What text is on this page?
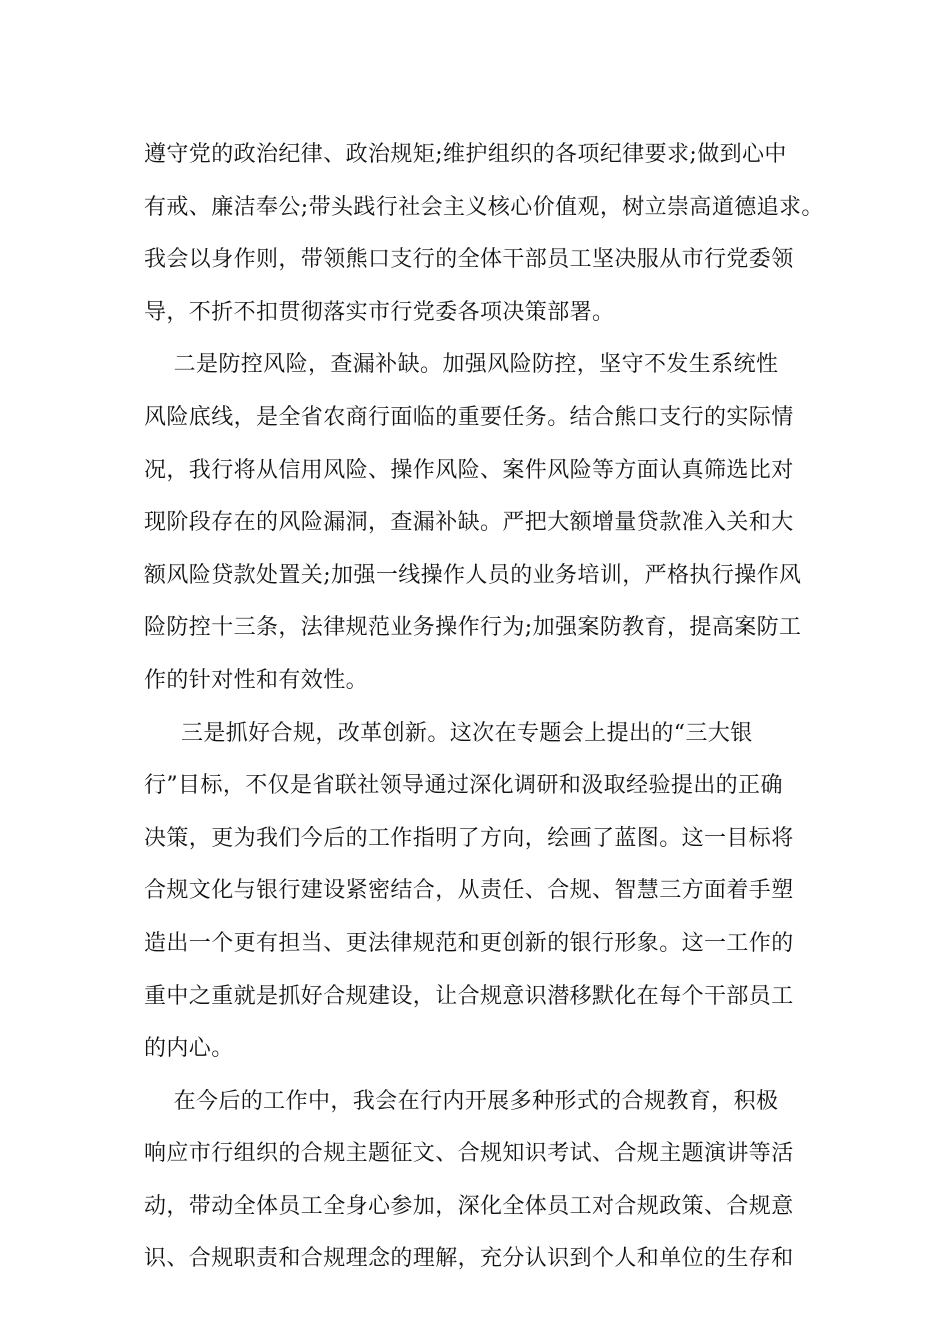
遵守党的政治纪律、政治规矩;维护组织的各项纪律要求;做到心中
有戒、廉洁奉公;带头践行社会主义核心价值观，树立崇高道德追求。
我会以身作则，带领熊口支行的全体干部员工坚决服从市行党委领
导，不折不扣贯彻落实市行党委各项决策部署。
二是防控风险，查漏补缺。加强风险防控，坚守不发生系统性
风险底线，是全省农商行面临的重要任务。结合熊口支行的实际情
况，我行将从信用风险、操作风险、案件风险等方面认真筛选比对
现阶段存在的风险漏洞，查漏补缺。严把大额增量贷款准入关和大
额风险贷款处置关;加强一线操作人员的业务培训，严格执行操作风
险防控十三条，法律规范业务操作行为;加强案防教育，提高案防工
作的针对性和有效性。
三是抓好合规，改革创新。这次在专题会上提出的“三大银
行”目标，不仅是省联社领导通过深化调研和汲取经验提出的正确
决策，更为我们今后的工作指明了方向，绘画了蓝图。这一目标将
合规文化与银行建设紧密结合，从责任、合规、智慧三方面着手塑
造出一个更有担当、更法律规范和更创新的银行形象。这一工作的
重中之重就是抓好合规建设，让合规意识潜移默化在每个干部员工
的内心。
在今后的工作中，我会在行内开展多种形式的合规教育，积极
响应市行组织的合规主题征文、合规知识考试、合规主题演讲等活
动，带动全体员工全身心参加，深化全体员工对合规政策、合规意
识、合规职责和合规理念的理解，充分认识到个人和单位的生存和
